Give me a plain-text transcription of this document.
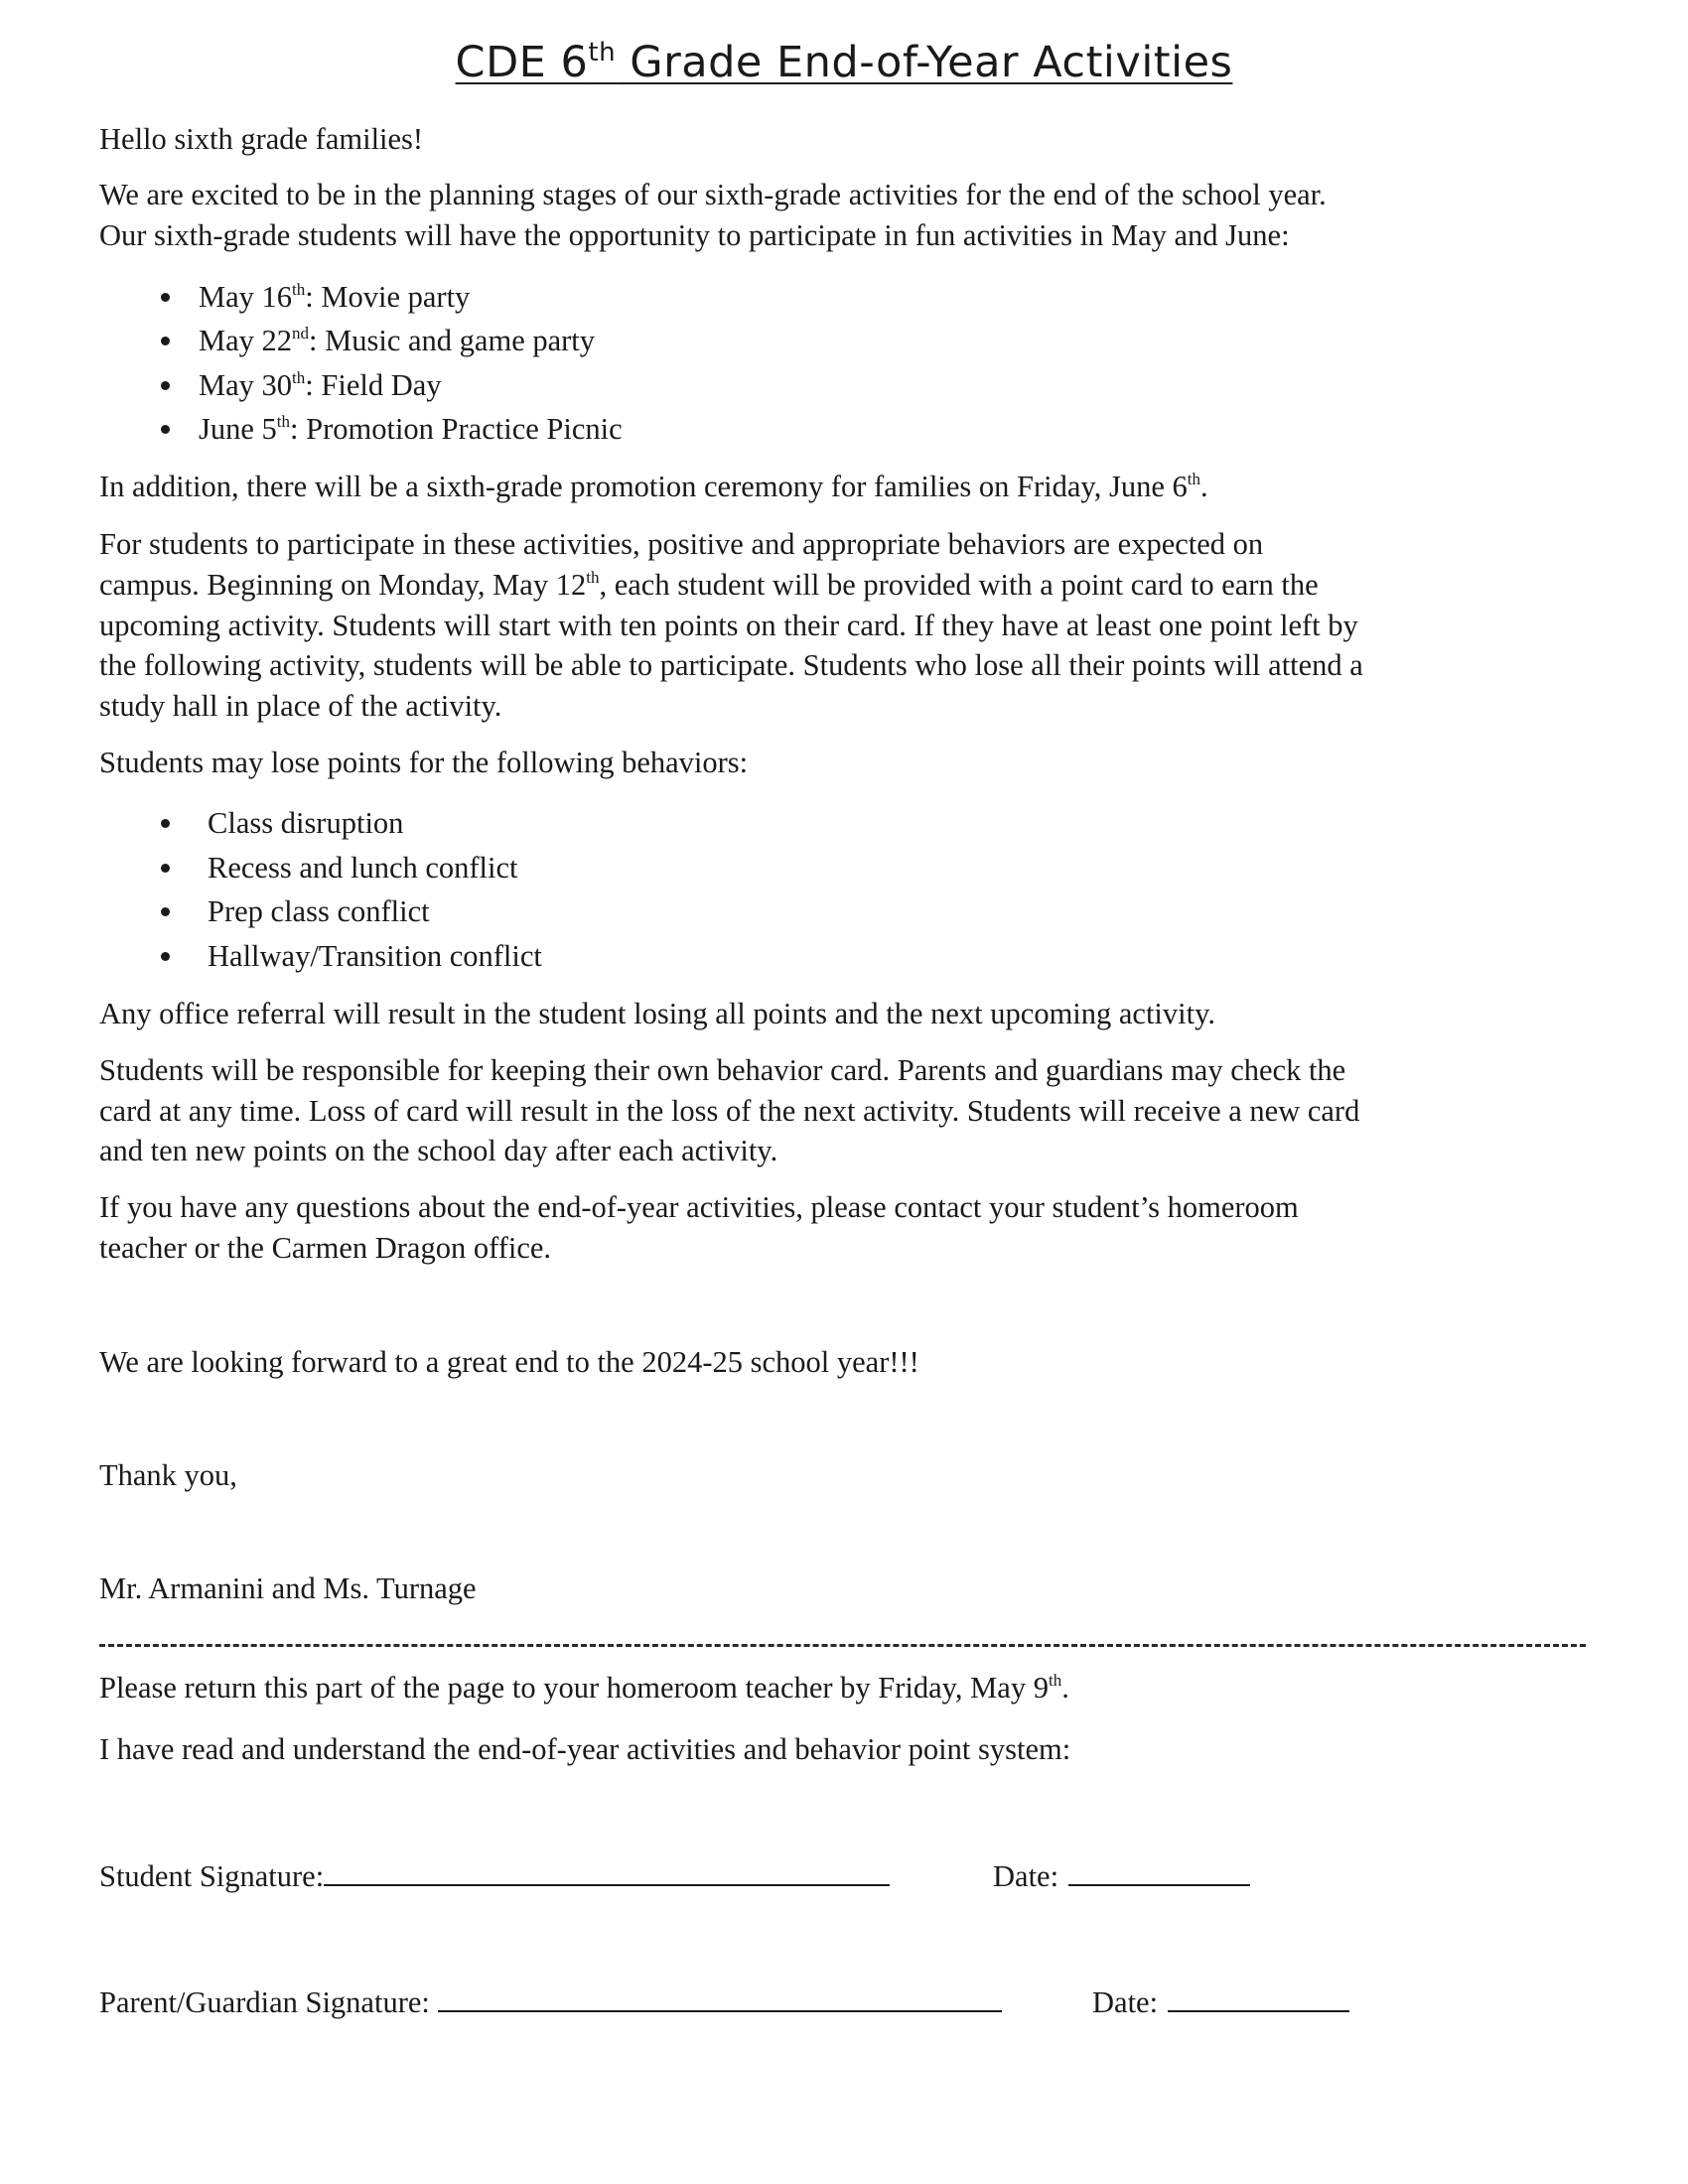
CDE 6th Grade End-of-Year Activities

Hello sixth grade families!

We are excited to be in the planning stages of our sixth-grade activities for the end of the school year.

Our sixth-grade students will have the opportunity to participate in fun activities in May and June:

May 16th: Movie party
May 22nd: Music and game party
May 30th: Field Day
June 5th: Promotion Practice Picnic

In addition, there will be a sixth-grade promotion ceremony for families on Friday, June 6th.

For students to participate in these activities, positive and appropriate behaviors are expected on

campus. Beginning on Monday, May 12th, each student will be provided with a point card to earn the

upcoming activity. Students will start with ten points on their card. If they have at least one point left by

the following activity, students will be able to participate. Students who lose all their points will attend a

study hall in place of the activity.

Students may lose points for the following behaviors:

Class disruption
Recess and lunch conflict
Prep class conflict
Hallway/Transition conflict

Any office referral will result in the student losing all points and the next upcoming activity.

Students will be responsible for keeping their own behavior card. Parents and guardians may check the

card at any time. Loss of card will result in the loss of the next activity. Students will receive a new card

and ten new points on the school day after each activity.

If you have any questions about the end-of-year activities, please contact your student’s homeroom

teacher or the Carmen Dragon office.

We are looking forward to a great end to the 2024-25 school year!!!

Thank you,

Mr. Armanini and Ms. Turnage

Please return this part of the page to your homeroom teacher by Friday, May 9th.

I have read and understand the end-of-year activities and behavior point system:

Student Signature:	Date:

Parent/Guardian Signature:	Date:
